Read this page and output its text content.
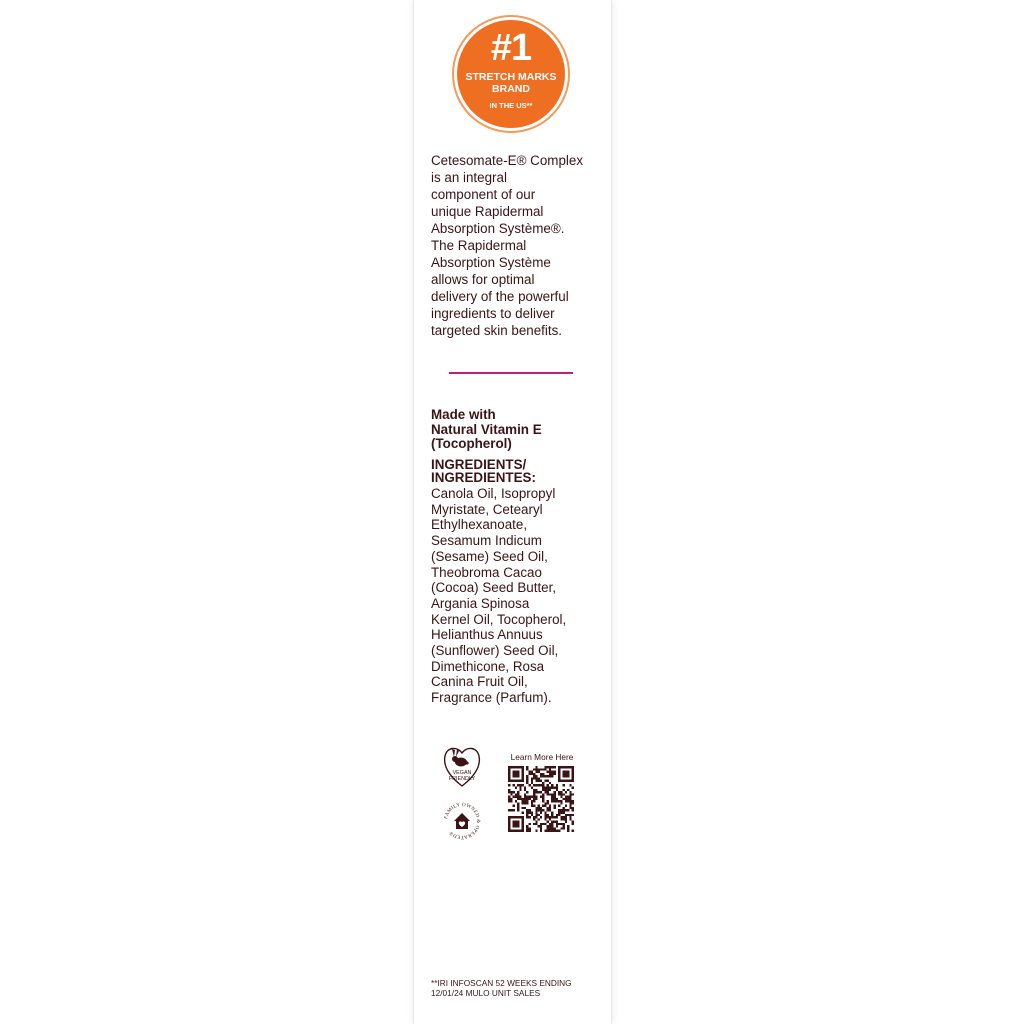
#1
STRETCH MARKS
BRAND
IN THE US**
Cetesomate-E® Complex
is an integral
component of our
unique Rapidermal
Absorption Système®.
The Rapidermal
Absorption Système
allows for optimal
delivery of the powerful
ingredients to deliver
targeted skin benefits.
Made with
Natural Vitamin E
(Tocopherol)
INGREDIENTS/
INGREDIENTES:
Canola Oil, Isopropyl
Myristate, Cetearyl
Ethylhexanoate,
Sesamum Indicum
(Sesame) Seed Oil,
Theobroma Cacao
(Cocoa) Seed Butter,
Argania Spinosa
Kernel Oil, Tocopherol,
Helianthus Annuus
(Sunflower) Seed Oil,
Dimethicone, Rosa
Canina Fruit Oil,
Fragrance (Parfum).
VEGAN
FRIENDLY
FAMILY OWNED & OPERATED®
Learn More Here
**IRI INFOSCAN 52 WEEKS ENDING
12/01/24 MULO UNIT SALES
